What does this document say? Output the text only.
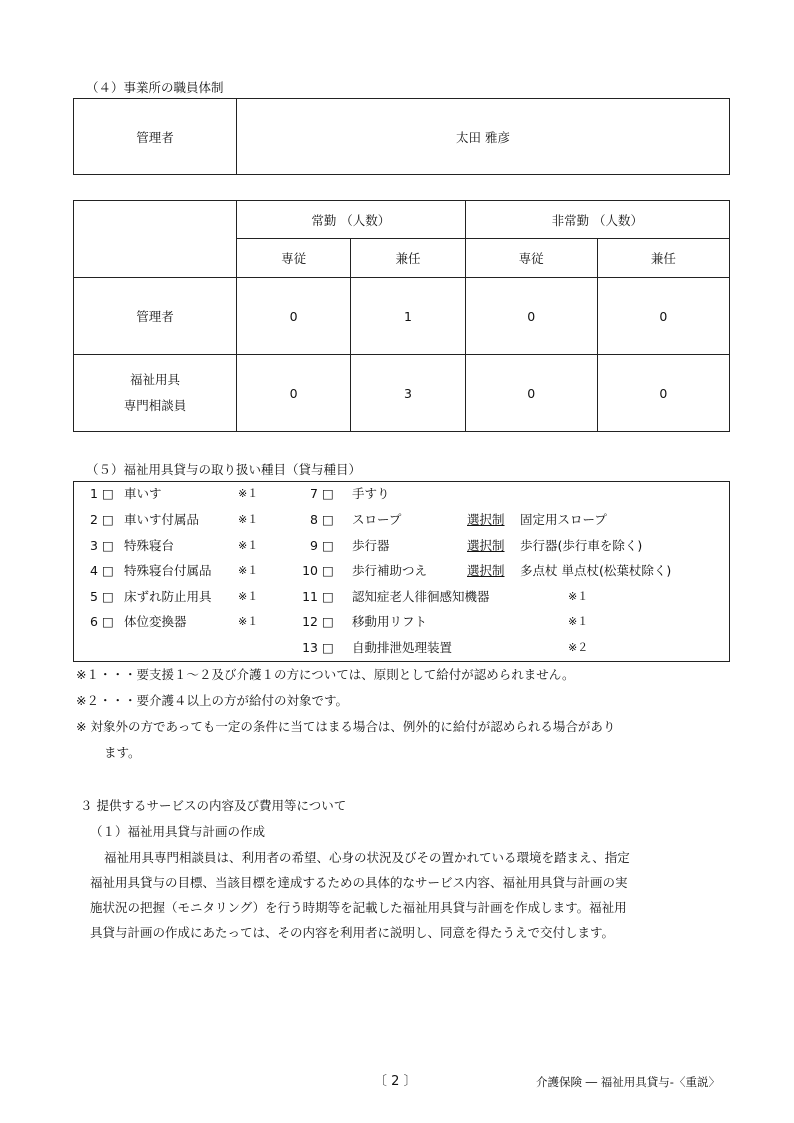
（４）事業所の職員体制
管理者	太田 雅彦
	常勤 （人数）		非常勤 （人数）	
	専従	兼任	専従	兼任
管理者	0	1	0	0

福祉用具
専門相談員	0	3	0	0
（５）福祉用具貸与の取り扱い種目（貸与種目）
1 □ 車いす	※１
2 □ 車いす付属品	※１
3 □ 特殊寝台	※１
4 □ 特殊寝台付属品 ※１
5 □ 床ずれ防止用具 ※１
6 □ 体位変換器	※１
7 □ 手すり
8 □ スロープ	選択制 固定用スロープ
9 □ 歩行器	選択制 歩行器(歩行車を除く)
10 □ 歩行補助つえ	選択制 多点杖 単点杖(松葉杖除く)
11 □ 認知症老人徘徊感知機器	※１
12 □ 移動用リフト	※１
13 □ 自動排泄処理装置	※２
※１・・・要支援１～２及び介護１の方については、原則として給付が認められません。
※２・・・要介護４以上の方が給付の対象です。
※ 対象外の方であっても一定の条件に当てはまる場合は、例外的に給付が認められる場合があり
ます。
３ 提供するサービスの内容及び費用等について
（１）福祉用具貸与計画の作成
福祉用具専門相談員は、利用者の希望、心身の状況及びその置かれている環境を踏まえ、指定
福祉用具貸与の目標、当該目標を達成するための具体的なサービス内容、福祉用具貸与計画の実
施状況の把握（モニタリング）を行う時期等を記載した福祉用具貸与計画を作成します。福祉用
具貸与計画の作成にあたっては、その内容を利用者に説明し、同意を得たうえで交付します。
〔 2 〕	介護保険 ― 福祉用具貸与-〈重説〉
